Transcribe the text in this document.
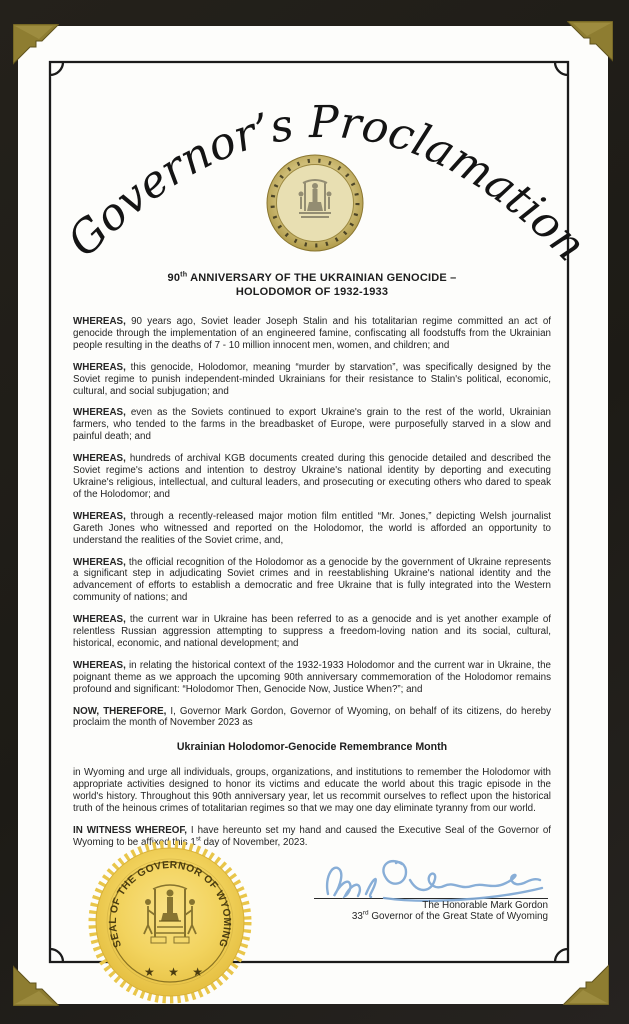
Governor’s Proclamation
90th ANNIVERSARY OF THE UKRAINIAN GENOCIDE –
HOLODOMOR OF 1932-1933

WHEREAS, 90 years ago, Soviet leader Joseph Stalin and his totalitarian regime committed an act of genocide through the implementation of an engineered famine, confiscating all foodstuffs from the Ukrainian people resulting in the deaths of 7 - 10 million innocent men, women, and children; and

WHEREAS, this genocide, Holodomor, meaning “murder by starvation”, was specifically designed by the Soviet regime to punish independent-minded Ukrainians for their resistance to Stalin's political, economic, cultural, and social subjugation; and

WHEREAS, even as the Soviets continued to export Ukraine's grain to the rest of the world, Ukrainian farmers, who tended to the farms in the breadbasket of Europe, were purposefully starved in a slow and painful death; and

WHEREAS, hundreds of archival KGB documents created during this genocide detailed and described the Soviet regime's actions and intention to destroy Ukraine's national identity by deporting and executing Ukraine's religious, intellectual, and cultural leaders, and prosecuting or executing others who dared to speak of the Holodomor; and

WHEREAS, through a recently-released major motion film entitled “Mr. Jones,” depicting Welsh journalist Gareth Jones who witnessed and reported on the Holodomor, the world is afforded an opportunity to understand the realities of the Soviet crime, and,

WHEREAS, the official recognition of the Holodomor as a genocide by the government of Ukraine represents a significant step in adjudicating Soviet crimes and in reestablishing Ukraine's national identity and the advancement of efforts to establish a democratic and free Ukraine that is fully integrated into the Western community of nations; and

WHEREAS, the current war in Ukraine has been referred to as a genocide and is yet another example of relentless Russian aggression attempting to suppress a freedom-loving nation and its social, cultural, historical, economic, and national development; and

WHEREAS, in relating the historical context of the 1932-1933 Holodomor and the current war in Ukraine, the poignant theme as we approach the upcoming 90th anniversary commemoration of the Holodomor remains profound and significant: “Holodomor Then, Genocide Now, Justice When?”; and

NOW, THEREFORE, I, Governor Mark Gordon, Governor of Wyoming, on behalf of its citizens, do hereby proclaim the month of November 2023 as

Ukrainian Holodomor-Genocide Remembrance Month

in Wyoming and urge all individuals, groups, organizations, and institutions to remember the Holodomor with appropriate activities designed to honor its victims and educate the world about this tragic episode in the world's history. Throughout this 90th anniversary year, let us recommit ourselves to reflect upon the historical truth of the heinous crimes of totalitarian regimes so that we may one day eliminate tyranny from our world.

IN WITNESS WHEREOF, I have hereunto set my hand and caused the Executive Seal of the Governor of Wyoming to be affixed this 1st day of November, 2023.

SEAL OF THE GOVERNOR OF WYOMING
★ ★ ★
The Honorable Mark Gordon
33rd Governor of the Great State of Wyoming
